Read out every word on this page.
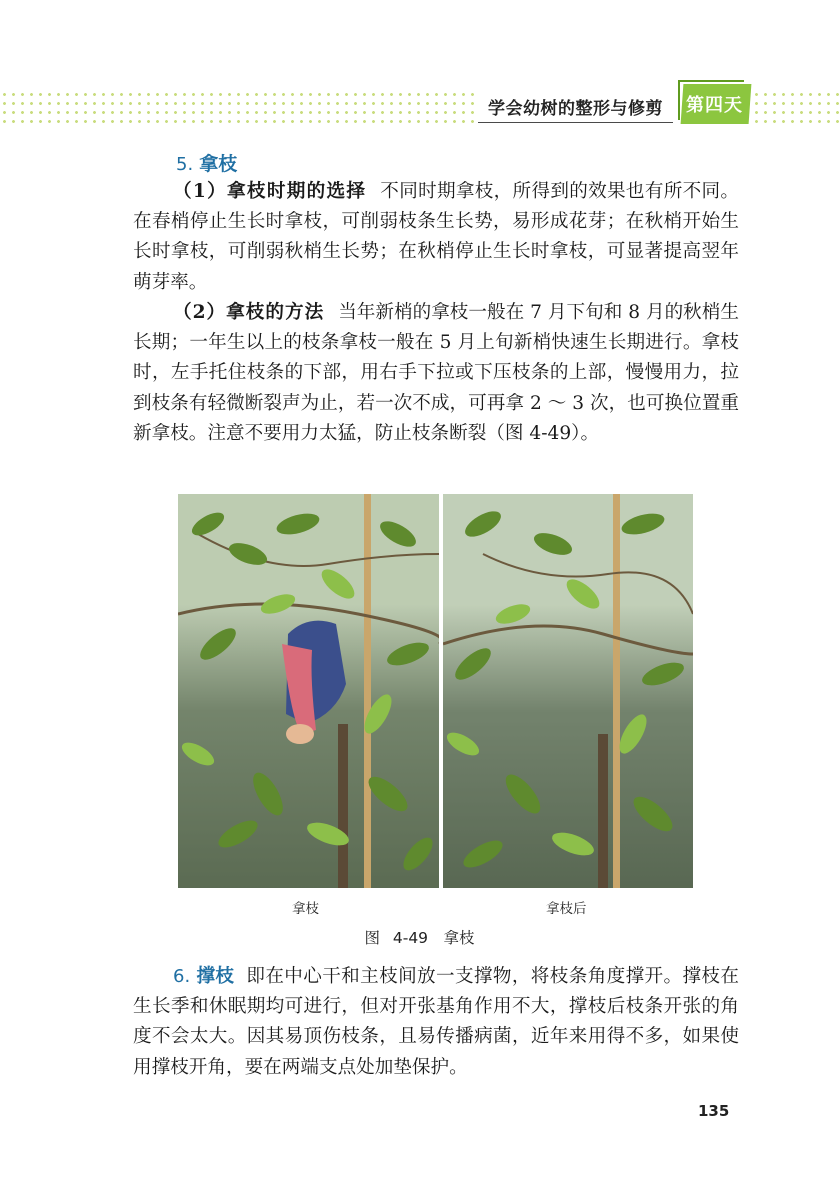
学会幼树的整形与修剪 第四天
5. 拿枝

（1）拿枝时期的选择 不同时期拿枝，所得到的效果也有所不同。在春梢停止生长时拿枝，可削弱枝条生长势，易形成花芽；在秋梢开始生长时拿枝，可削弱秋梢生长势；在秋梢停止生长时拿枝，可显著提高翌年萌芽率。

（2）拿枝的方法 当年新梢的拿枝一般在 7 月下旬和 8 月的秋梢生长期；一年生以上的枝条拿枝一般在 5 月上旬新梢快速生长期进行。拿枝时，左手托住枝条的下部，用右手下拉或下压枝条的上部，慢慢用力，拉到枝条有轻微断裂声为止，若一次不成，可再拿 2 ～ 3 次，也可换位置重新拿枝。注意不要用力太猛，防止枝条断裂（图 4-49）。

拿枝	拿枝后
图 4-49　拿枝

6. 撑枝 即在中心干和主枝间放一支撑物，将枝条角度撑开。撑枝在生长季和休眠期均可进行，但对开张基角作用不大，撑枝后枝条开张的角度不会太大。因其易顶伤枝条，且易传播病菌，近年来用得不多，如果使用撑枝开角，要在两端支点处加垫保护。

135
